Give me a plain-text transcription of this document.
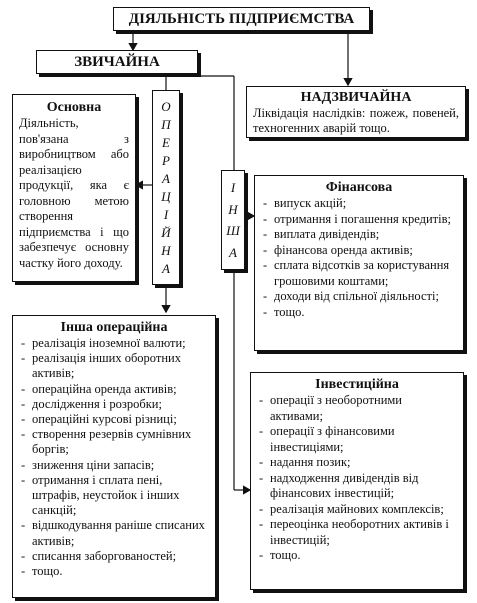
ДІЯЛЬНІСТЬ ПІДПРИЄМСТВА
ЗВИЧАЙНА
НАДЗВИЧАЙНА
Ліквідація наслідків: пожеж, повеней, техногенних аварій тощо.
Основна
Діяльність, пов'язана з виробництвом або реалізацією продукції, яка є головною метою створення підприємства і що забезпечує основну частку його доходу.
О
П
Е
Р
А
Ц
І
Й
Н
А
І
Н
Ш
А
Фінансова
- випуск акцій;
- отримання і погашення кредитів;
- виплата дивідендів;
- фінансова оренда активів;
- сплата відсотків за користування грошовими коштами;
- доходи від спільної діяльності;
- тощо.
Інша операційна
- реалізація іноземної валюти;
- реалізація інших оборотних активів;
- операційна оренда активів;
- дослідження і розробки;
- операційні курсові різниці;
- створення резервів сумнівних боргів;
- зниження ціни запасів;
- отримання і сплата пені, штрафів, неустойок і інших санкцій;
- відшкодування раніше списаних активів;
- списання заборгованостей;
- тощо.
Інвестиційна
- операції з необоротними активами;
- операції з фінансовими інвестиціями;
- надання позик;
- надходження дивідендів від фінансових інвестицій;
- реалізація майнових комплексів;
- переоцінка необоротних активів і інвестицій;
- тощо.
